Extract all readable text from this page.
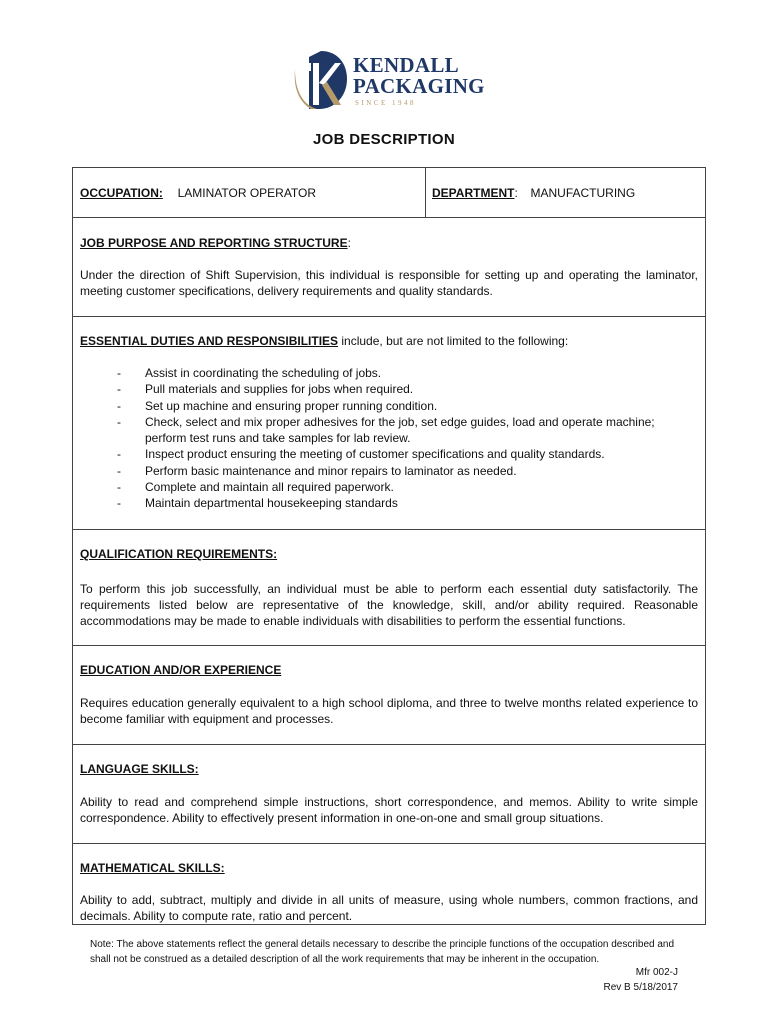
KENDALL
PACKAGING
SINCE 1948
JOB DESCRIPTION
OCCUPATION: LAMINATOR OPERATOR	DEPARTMENT: MANUFACTURING
JOB PURPOSE AND REPORTING STRUCTURE:
Under the direction of Shift Supervision, this individual is responsible for setting up and operating the laminator, meeting customer specifications, delivery requirements and quality standards.
ESSENTIAL DUTIES AND RESPONSIBILITIES include, but are not limited to the following:
- Assist in coordinating the scheduling of jobs.
- Pull materials and supplies for jobs when required.
- Set up machine and ensuring proper running condition.
- Check, select and mix proper adhesives for the job, set edge guides, load and operate machine; perform test runs and take samples for lab review.
- Inspect product ensuring the meeting of customer specifications and quality standards.
- Perform basic maintenance and minor repairs to laminator as needed.
- Complete and maintain all required paperwork.
- Maintain departmental housekeeping standards
QUALIFICATION REQUIREMENTS:
To perform this job successfully, an individual must be able to perform each essential duty satisfactorily. The requirements listed below are representative of the knowledge, skill, and/or ability required. Reasonable accommodations may be made to enable individuals with disabilities to perform the essential functions.
EDUCATION AND/OR EXPERIENCE
Requires education generally equivalent to a high school diploma, and three to twelve months related experience to become familiar with equipment and processes.
LANGUAGE SKILLS:
Ability to read and comprehend simple instructions, short correspondence, and memos. Ability to write simple correspondence. Ability to effectively present information in one-on-one and small group situations.
MATHEMATICAL SKILLS:
Ability to add, subtract, multiply and divide in all units of measure, using whole numbers, common fractions, and decimals. Ability to compute rate, ratio and percent.
Note: The above statements reflect the general details necessary to describe the principle functions of the occupation described and shall not be construed as a detailed description of all the work requirements that may be inherent in the occupation.
Mfr 002-J
Rev B 5/18/2017
